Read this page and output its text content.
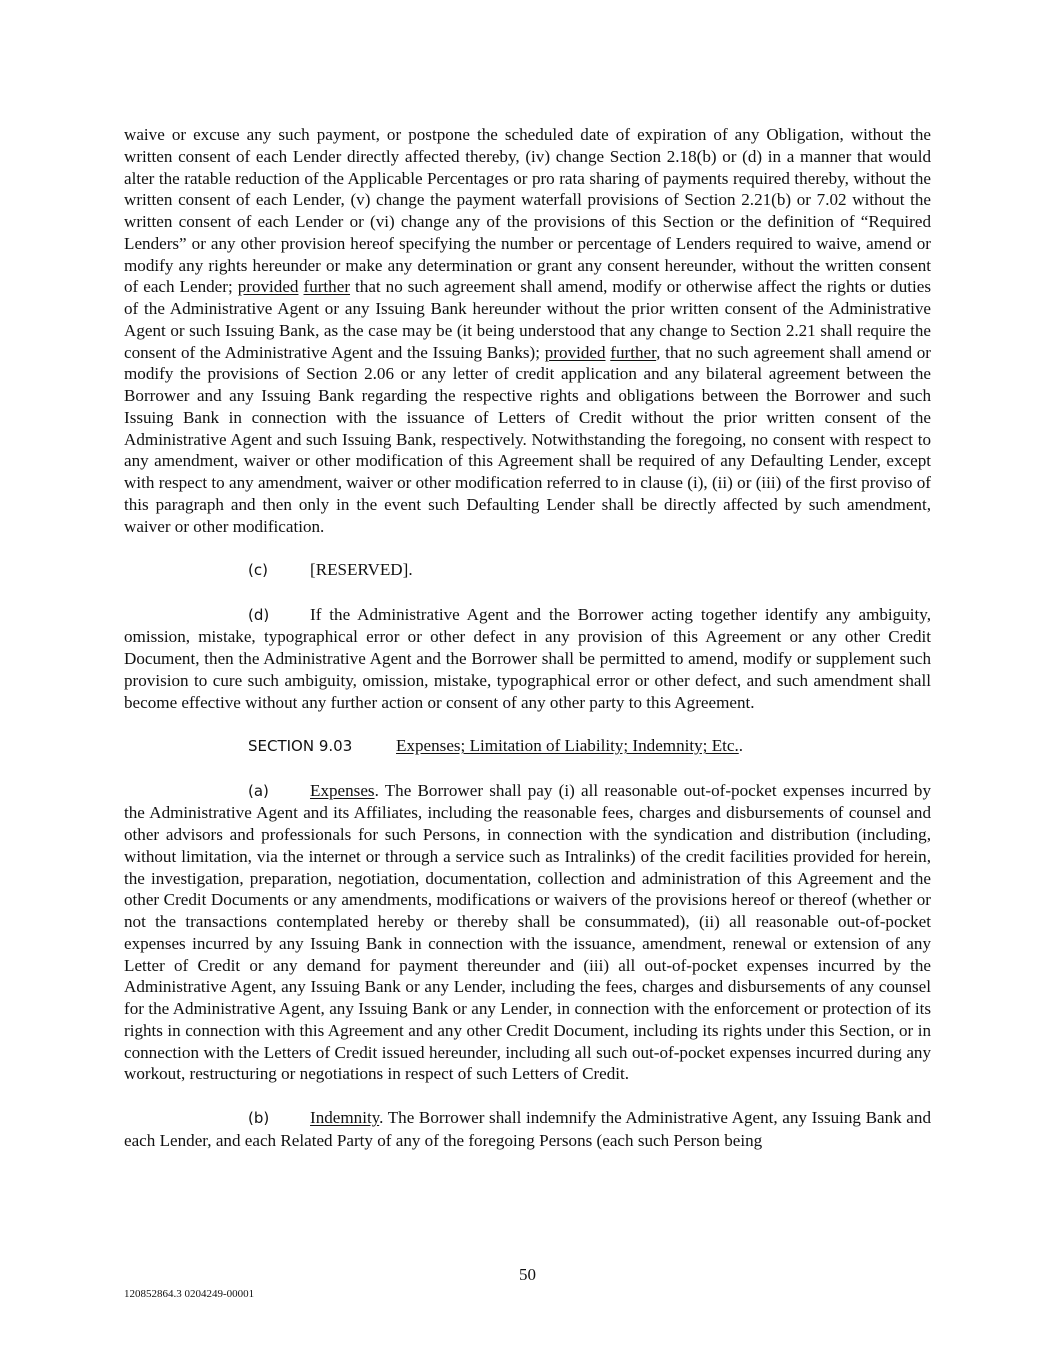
waive or excuse any such payment, or postpone the scheduled date of expiration of any Obligation, without the written consent of each Lender directly affected thereby, (iv) change Section 2.18(b) or (d) in a manner that would alter the ratable reduction of the Applicable Percentages or pro rata sharing of payments required thereby, without the written consent of each Lender, (v) change the payment waterfall provisions of Section 2.21(b) or 7.02 without the written consent of each Lender or (vi) change any of the provisions of this Section or the definition of “Required Lenders” or any other provision hereof specifying the number or percentage of Lenders required to waive, amend or modify any rights hereunder or make any determination or grant any consent hereunder, without the written consent of each Lender; provided further that no such agreement shall amend, modify or otherwise affect the rights or duties of the Administrative Agent or any Issuing Bank hereunder without the prior written consent of the Administrative Agent or such Issuing Bank, as the case may be (it being understood that any change to Section 2.21 shall require the consent of the Administrative Agent and the Issuing Banks); provided further, that no such agreement shall amend or modify the provisions of Section 2.06 or any letter of credit application and any bilateral agreement between the Borrower and any Issuing Bank regarding the respective rights and obligations between the Borrower and such Issuing Bank in connection with the issuance of Letters of Credit without the prior written consent of the Administrative Agent and such Issuing Bank, respectively. Notwithstanding the foregoing, no consent with respect to any amendment, waiver or other modification of this Agreement shall be required of any Defaulting Lender, except with respect to any amendment, waiver or other modification referred to in clause (i), (ii) or (iii) of the first proviso of this paragraph and then only in the event such Defaulting Lender shall be directly affected by such amendment, waiver or other modification.

(c) [RESERVED].

(d) If the Administrative Agent and the Borrower acting together identify any ambiguity, omission, mistake, typographical error or other defect in any provision of this Agreement or any other Credit Document, then the Administrative Agent and the Borrower shall be permitted to amend, modify or supplement such provision to cure such ambiguity, omission, mistake, typographical error or other defect, and such amendment shall become effective without any further action or consent of any other party to this Agreement.

SECTION 9.03	Expenses; Limitation of Liability; Indemnity; Etc..

(a) Expenses. The Borrower shall pay (i) all reasonable out-of-pocket expenses incurred by the Administrative Agent and its Affiliates, including the reasonable fees, charges and disbursements of counsel and other advisors and professionals for such Persons, in connection with the syndication and distribution (including, without limitation, via the internet or through a service such as Intralinks) of the credit facilities provided for herein, the investigation, preparation, negotiation, documentation, collection and administration of this Agreement and the other Credit Documents or any amendments, modifications or waivers of the provisions hereof or thereof (whether or not the transactions contemplated hereby or thereby shall be consummated), (ii) all reasonable out-of-pocket expenses incurred by any Issuing Bank in connection with the issuance, amendment, renewal or extension of any Letter of Credit or any demand for payment thereunder and (iii) all out-of-pocket expenses incurred by the Administrative Agent, any Issuing Bank or any Lender, including the fees, charges and disbursements of any counsel for the Administrative Agent, any Issuing Bank or any Lender, in connection with the enforcement or protection of its rights in connection with this Agreement and any other Credit Document, including its rights under this Section, or in connection with the Letters of Credit issued hereunder, including all such out-of-pocket expenses incurred during any workout, restructuring or negotiations in respect of such Letters of Credit.

(b) Indemnity. The Borrower shall indemnify the Administrative Agent, any Issuing Bank and each Lender, and each Related Party of any of the foregoing Persons (each such Person being

50
120852864.3 0204249-00001
